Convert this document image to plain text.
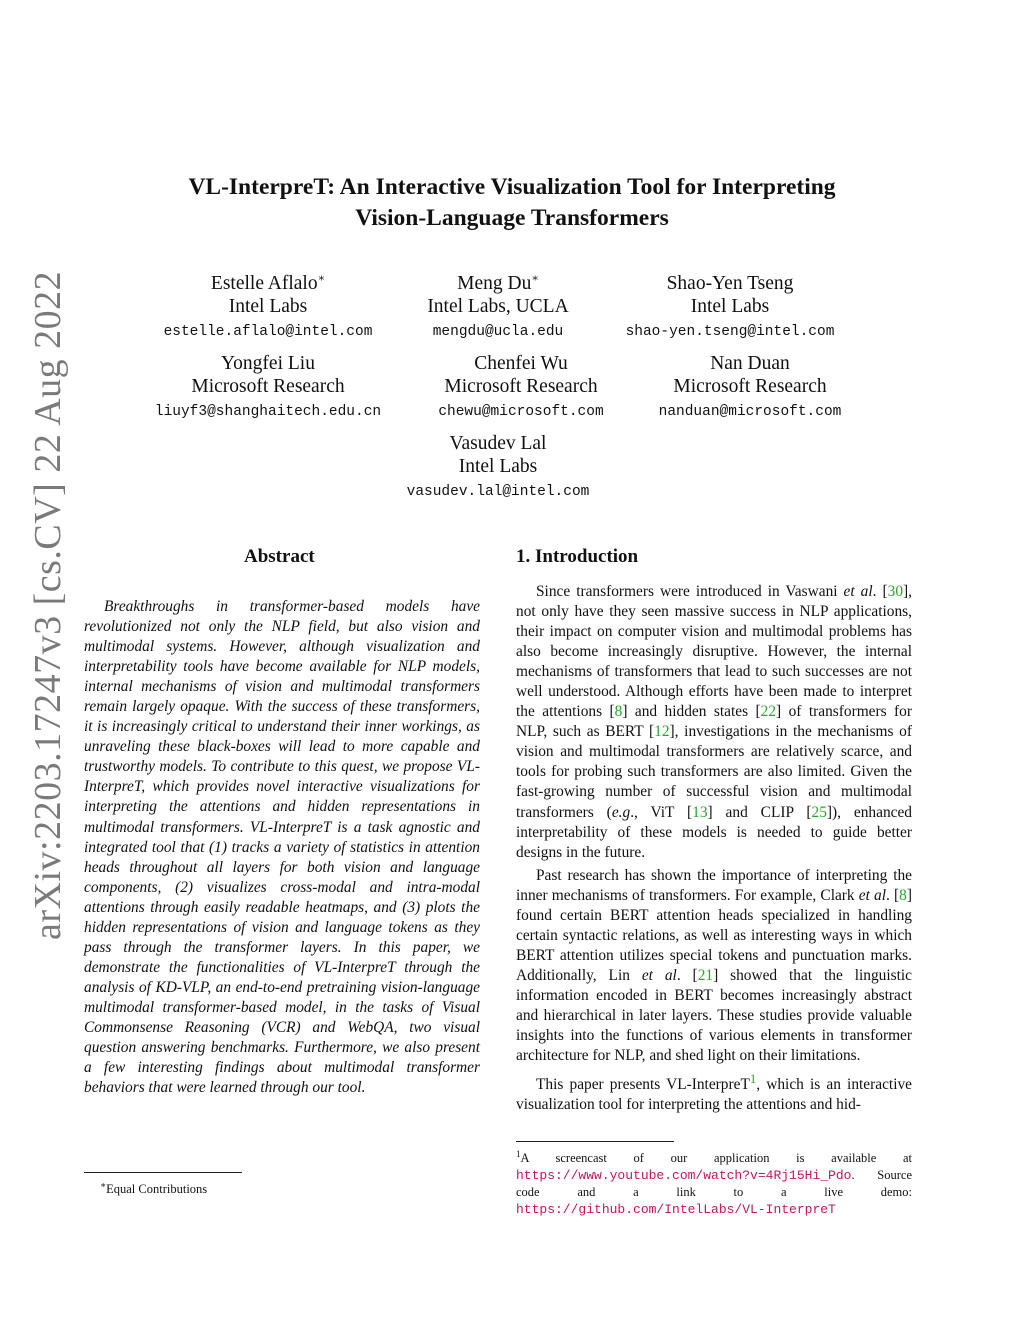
arXiv:2203.17247v3 [cs.CV] 22 Aug 2022
VL-InterpreT: An Interactive Visualization Tool for Interpreting
Vision-Language Transformers
Estelle Aflalo∗
Intel Labs
estelle.aflalo@intel.com
Meng Du∗
Intel Labs, UCLA
mengdu@ucla.edu
Shao-Yen Tseng
Intel Labs
shao-yen.tseng@intel.com
Yongfei Liu
Microsoft Research
liuyf3@shanghaitech.edu.cn
Chenfei Wu
Microsoft Research
chewu@microsoft.com
Nan Duan
Microsoft Research
nanduan@microsoft.com
Vasudev Lal
Intel Labs
vasudev.lal@intel.com
Abstract

Breakthroughs in transformer-based models have revolutionized not only the NLP field, but also vision and multimodal systems. However, although visualization and interpretability tools have become available for NLP models, internal mechanisms of vision and multimodal transformers remain largely opaque. With the success of these transformers, it is increasingly critical to understand their inner workings, as unraveling these black-boxes will lead to more capable and trustworthy models. To contribute to this quest, we propose VL-InterpreT, which provides novel interactive visualizations for interpreting the attentions and hidden representations in multimodal transformers. VL-InterpreT is a task agnostic and integrated tool that (1) tracks a variety of statistics in attention heads throughout all layers for both vision and language components, (2) visualizes cross-modal and intra-modal attentions through easily readable heatmaps, and (3) plots the hidden representations of vision and language tokens as they pass through the transformer layers. In this paper, we demonstrate the functionalities of VL-InterpreT through the analysis of KD-VLP, an end-to-end pretraining vision-language multimodal transformer-based model, in the tasks of Visual Commonsense Reasoning (VCR) and WebQA, two visual question answering benchmarks. Furthermore, we also present a few interesting findings about multimodal transformer behaviors that were learned through our tool.

1. Introduction

Since transformers were introduced in Vaswani et al. [30], not only have they seen massive success in NLP applications, their impact on computer vision and multimodal problems has also become increasingly disruptive. However, the internal mechanisms of transformers that lead to such successes are not well understood. Although efforts have been made to interpret the attentions [8] and hidden states [22] of transformers for NLP, such as BERT [12], investigations in the mechanisms of vision and multimodal transformers are relatively scarce, and tools for probing such transformers are also limited. Given the fast-growing number of successful vision and multimodal transformers (e.g., ViT [13] and CLIP [25]), enhanced interpretability of these models is needed to guide better designs in the future.

Past research has shown the importance of interpreting the inner mechanisms of transformers. For example, Clark et al. [8] found certain BERT attention heads specialized in handling certain syntactic relations, as well as interesting ways in which BERT attention utilizes special tokens and punctuation marks. Additionally, Lin et al. [21] showed that the linguistic information encoded in BERT becomes increasingly abstract and hierarchical in later layers. These studies provide valuable insights into the functions of various elements in transformer architecture for NLP, and shed light on their limitations.

This paper presents VL-InterpreT$^1$, which is an interactive visualization tool for interpreting the attentions and hid-

$^1$A screencast of our application is available at https://www.youtube.com/watch?v=4Rj15Hi_Pdo. Source code and a link to a live demo: https://github.com/IntelLabs/VL-InterpreT
∗Equal Contributions
